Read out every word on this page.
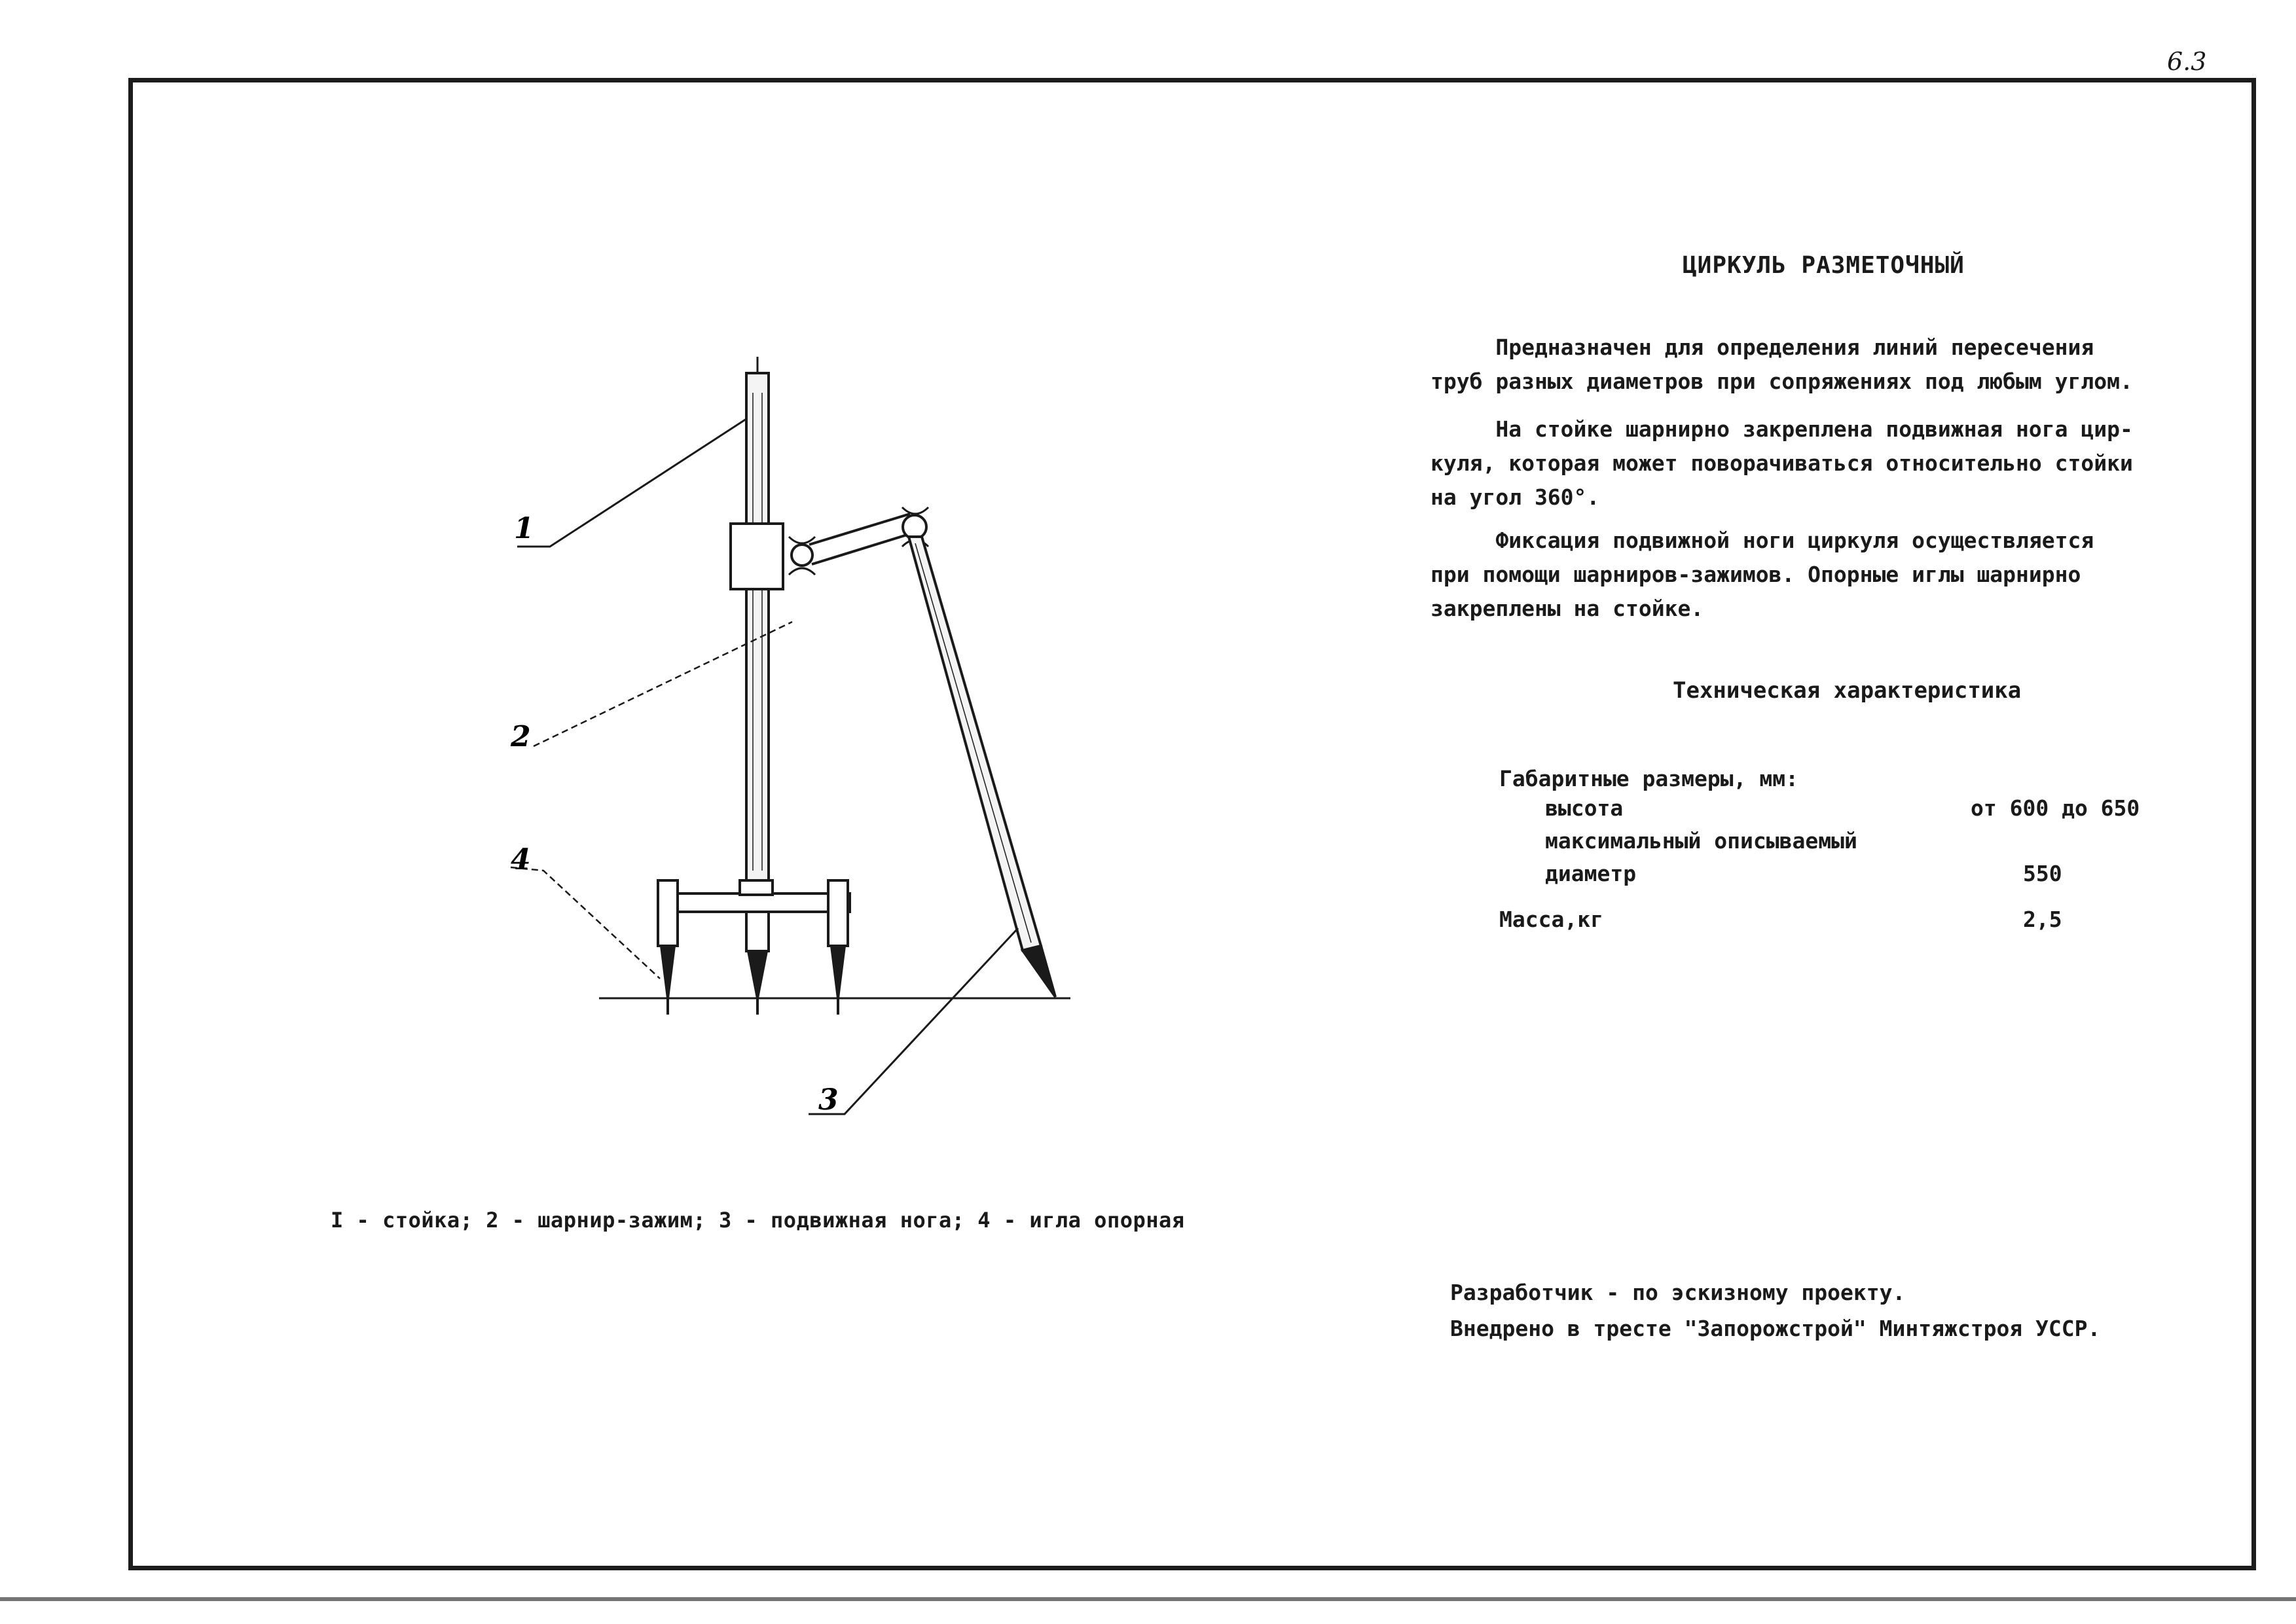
6.3
1
2
4
3
ЦИРКУЛЬ РАЗМЕТОЧНЫЙ

Предназначен для определения линий пересечения
труб разных диаметров при сопряжениях под любым углом.

На стойке шарнирно закреплена подвижная нога цир-
куля, которая может поворачиваться относительно стойки
на угол 360°.

Фиксация подвижной ноги циркуля осуществляется
при помощи шарниров-зажимов. Опорные иглы шарнирно
закреплены на стойке.

Техническая характеристика
Габаритные размеры, мм:
высота	от 600 до 650
максимальный описываемый
диаметр	550
Масса,кг	2,5
I - стойка; 2 - шарнир-зажим; 3 - подвижная нога; 4 - игла опорная
Разработчик - по эскизному проекту.
Внедрено в тресте "Запорожстрой" Минтяжстроя УССР.
